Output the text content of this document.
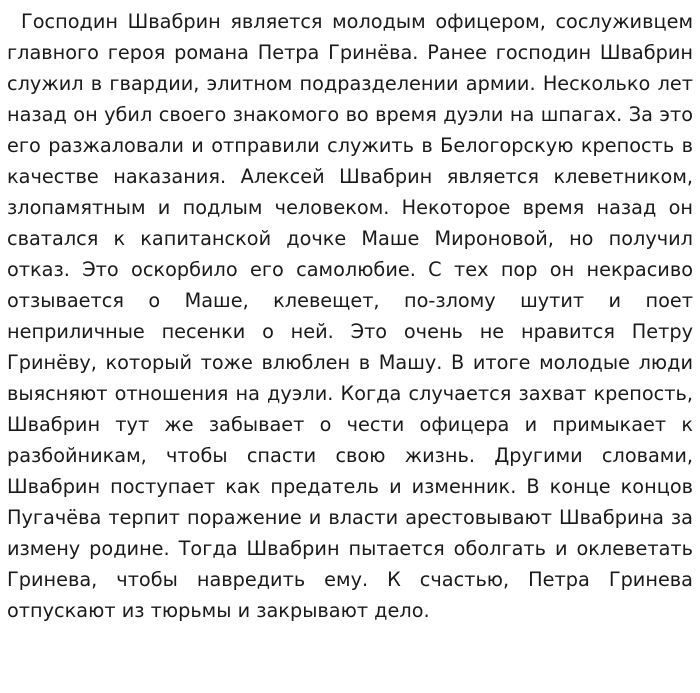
Господин Швабрин является молодым офицером, сослуживцем главного героя романа Петра Гринёва. Ранее господин Швабрин служил в гвардии, элитном подразделении армии. Несколько лет назад он убил своего знакомого во время дуэли на шпагах. За это его разжаловали и отправили служить в Белогорскую крепость в качестве наказания. Алексей Швабрин является клеветником, злопамятным и подлым человеком. Некоторое время назад он сватался к капитанской дочке Маше Мироновой, но получил отказ. Это оскорбило его самолюбие. С тех пор он некрасиво отзывается о Маше, клевещет, по-злому шутит и поет неприличные песенки о ней. Это очень не нравится Петру Гринёву, который тоже влюблен в Машу. В итоге молодые люди выясняют отношения на дуэли. Когда случается захват крепость, Швабрин тут же забывает о чести офицера и примыкает к разбойникам, чтобы спасти свою жизнь. Другими словами, Швабрин поступает как предатель и изменник. В конце концов Пугачёва терпит поражение и власти арестовывают Швабрина за измену родине. Тогда Швабрин пытается оболгать и оклеветать Гринева, чтобы навредить ему. К счастью, Петра Гринева отпускают из тюрьмы и закрывают дело.
